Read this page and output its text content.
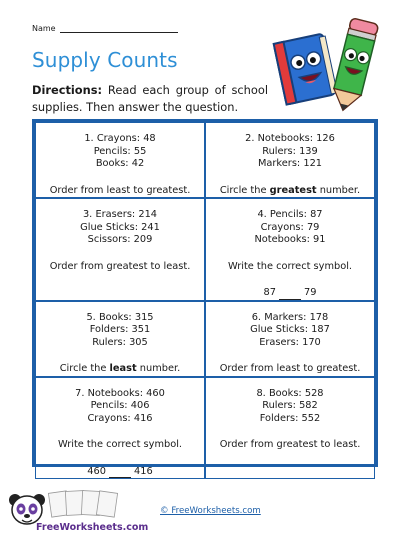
Name
Supply Counts
Directions: Read each group of school supplies. Then answer the question.
1. Crayons: 48
Pencils: 55
Books: 42
Order from least to greatest.
2. Notebooks: 126
Rulers: 139
Markers: 121
Circle the greatest number.
3. Erasers: 214
Glue Sticks: 241
Scissors: 209
Order from greatest to least.
4. Pencils: 87
Crayons: 79
Notebooks: 91
Write the correct symbol.
87	79
5. Books: 315
Folders: 351
Rulers: 305
Circle the least number.
6. Markers: 178
Glue Sticks: 187
Erasers: 170
Order from least to greatest.
7. Notebooks: 460
Pencils: 406
Crayons: 416
Write the correct symbol.
460	416
8. Books: 528
Rulers: 582
Folders: 552
Order from greatest to least.
FreeWorksheets.com
© FreeWorksheets.com
